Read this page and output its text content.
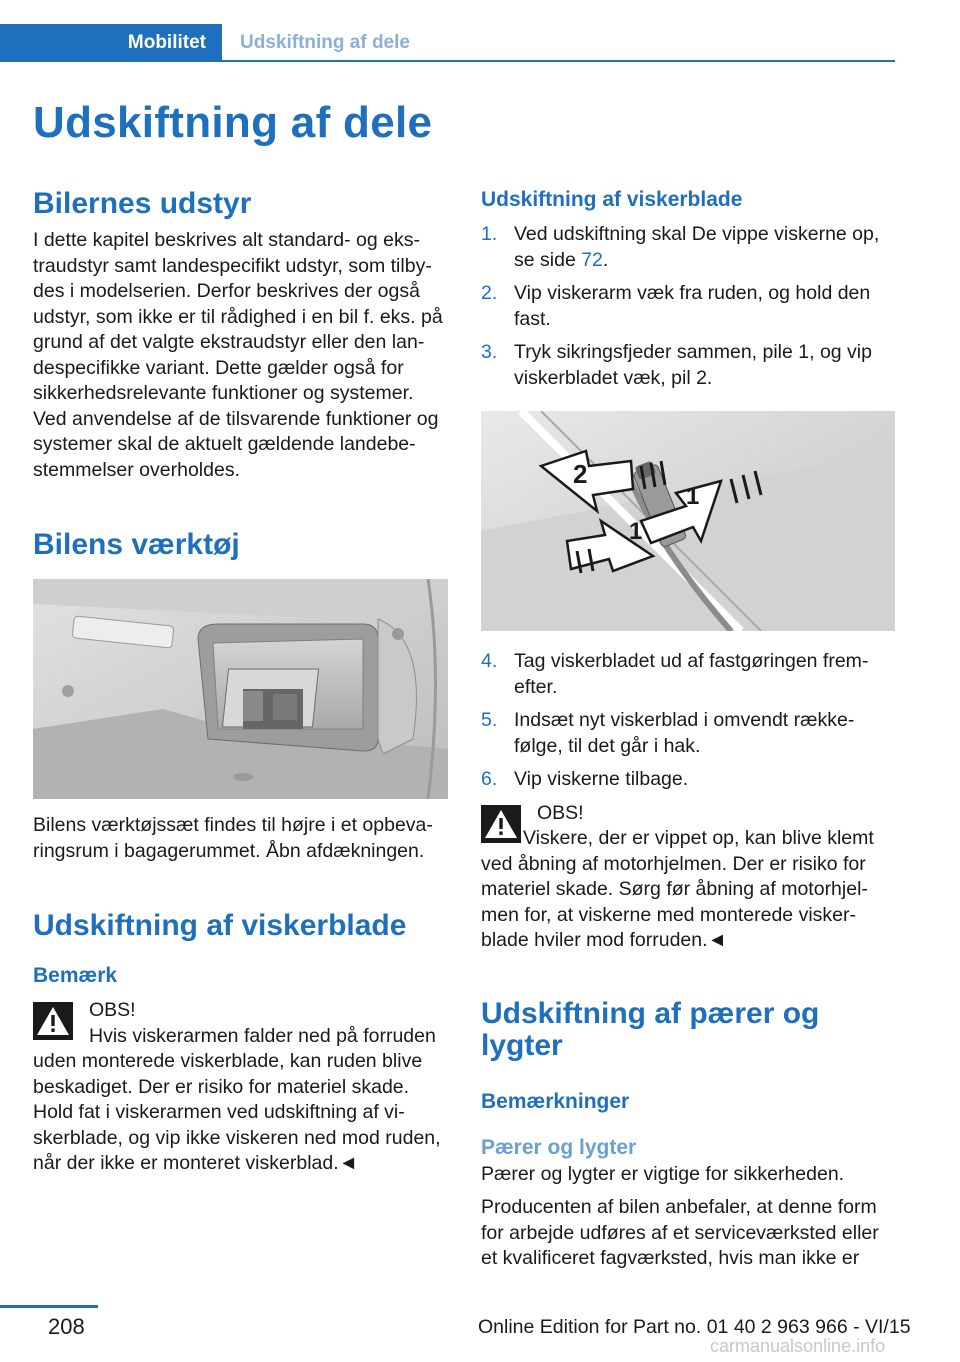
Mobilitet	Udskiftning af dele
Udskiftning af dele
Bilernes udstyr

I dette kapitel beskrives alt standard- og ekstraudstyr samt landespecifikt udstyr, som tilbydes i modelserien. Derfor beskrives der også udstyr, som ikke er til rådighed i en bil f. eks. på grund af det valgte ekstraudstyr eller den landespecifikke variant. Dette gælder også for sikkerhedsrelevante funktioner og systemer. Ved anvendelse af de tilsvarende funktioner og systemer skal de aktuelt gældende landebestemmelser overholdes.

Bilens værktøj

Bilens værktøjssæt findes til højre i et opbevaringsrum i bagagerummet. Åbn afdækningen.

Udskiftning af viskerblade
Bemærk
OBS!

Hvis viskerarmen falder ned på forruden uden monterede viskerblade, kan ruden blive beskadiget. Der er risiko for materiel skade. Hold fat i viskerarmen ved udskiftning af viskerblade, og vip ikke viskeren ned mod ruden, når der ikke er monteret viskerblad.◄

Udskiftning af viskerblade
1. Ved udskiftning skal De vippe viskerne op, se side 72.
2. Vip viskerarm væk fra ruden, og hold den fast.
3. Tryk sikringsfjeder sammen, pile 1, og vip viskerbladet væk, pil 2.
2
1
1
4. Tag viskerbladet ud af fastgøringen fremefter.
5. Indsæt nyt viskerblad i omvendt rækkefølge, til det går i hak.
6. Vip viskerne tilbage.
OBS!

Viskere, der er vippet op, kan blive klemt ved åbning af motorhjelmen. Der er risiko for materiel skade. Sørg før åbning af motorhjelmen for, at viskerne med monterede viskerblade hviler mod forruden.◄

Udskiftning af pærer og lygter
Bemærkninger
Pærer og lygter

Pærer og lygter er vigtige for sikkerheden.

Producenten af bilen anbefaler, at denne form for arbejde udføres af et serviceværksted eller et kvalificeret fagværksted, hvis man ikke er

208	Online Edition for Part no. 01 40 2 963 966 - VI/15
carmanualsonline.info
